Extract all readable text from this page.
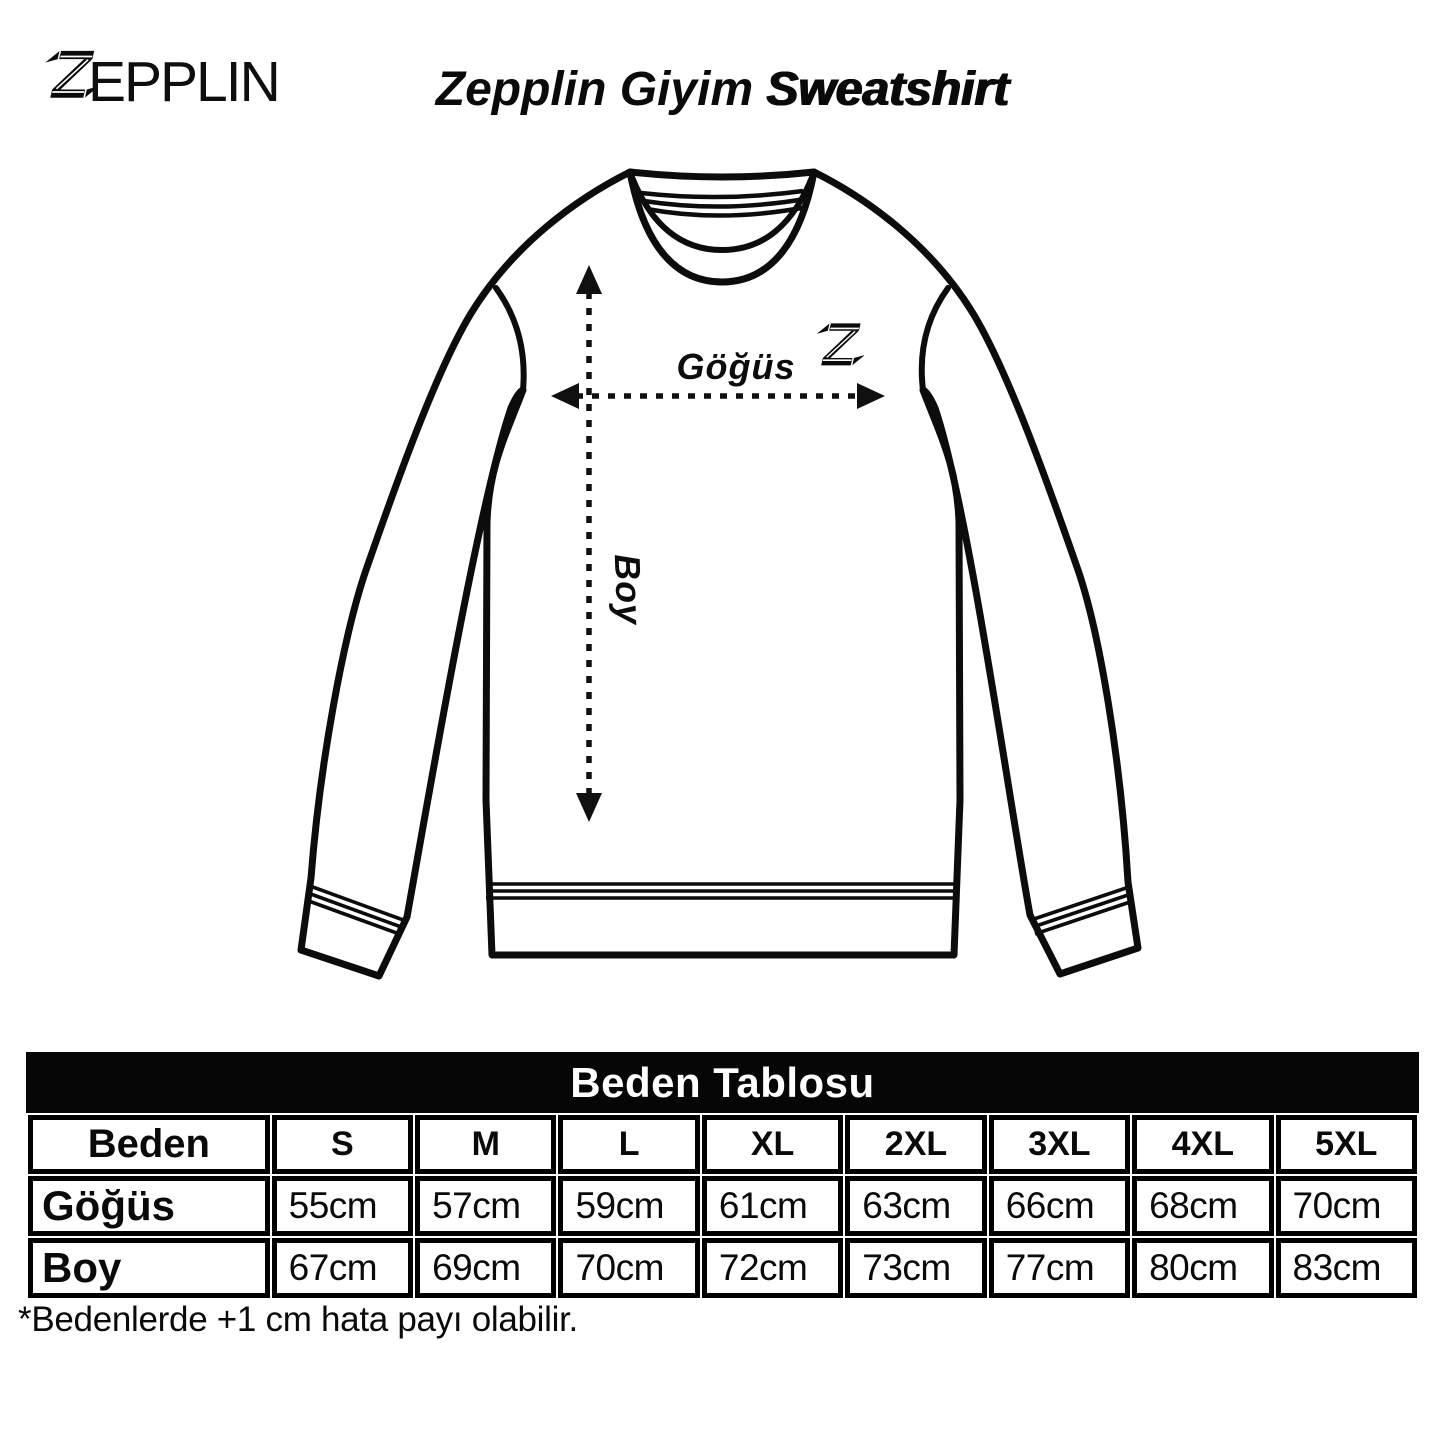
EPPLIN
Göğüs
Boy
Zepplin Giyim Sweatshirt
Beden Tablosu
Beden	S	M	L	XL	2XL	3XL	4XL	5XL
Göğüs	55cm	57cm	59cm	61cm	63cm	66cm	68cm	70cm
Boy	67cm	69cm	70cm	72cm	73cm	77cm	80cm	83cm
*Bedenlerde +1 cm hata payı olabilir.
